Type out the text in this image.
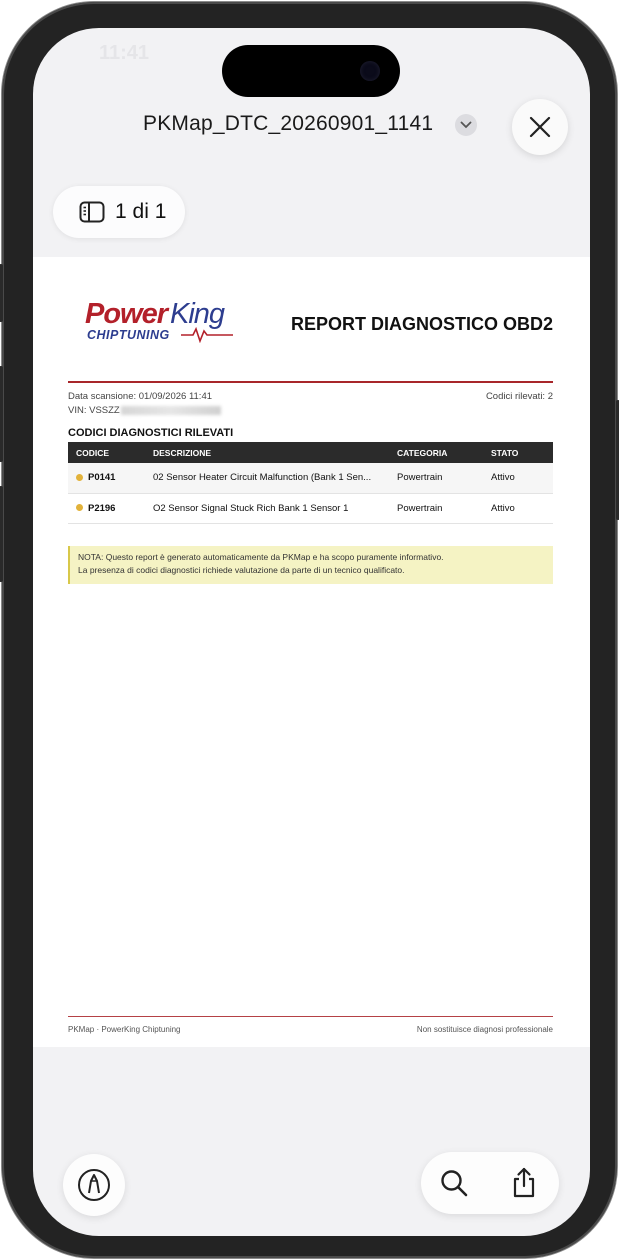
11:41
PKMap_DTC_20260901_1141
1 di 1
Power King
CHIPTUNING
REPORT DIAGNOSTICO OBD2
Data scansione: 01/09/2026 11:41	Codici rilevati: 2
VIN: VSSZZ
CODICI DIAGNOSTICI RILEVATI
CODICE	DESCRIZIONE	CATEGORIA	STATO
P0141	02 Sensor Heater Circuit Malfunction (Bank 1 Sen...	Powertrain	Attivo
P2196	O2 Sensor Signal Stuck Rich Bank 1 Sensor 1	Powertrain	Attivo
NOTA: Questo report è generato automaticamente da PKMap e ha scopo puramente informativo.
La presenza di codici diagnostici richiede valutazione da parte di un tecnico qualificato.
PKMap · PowerKing Chiptuning	Non sostituisce diagnosi professionale
